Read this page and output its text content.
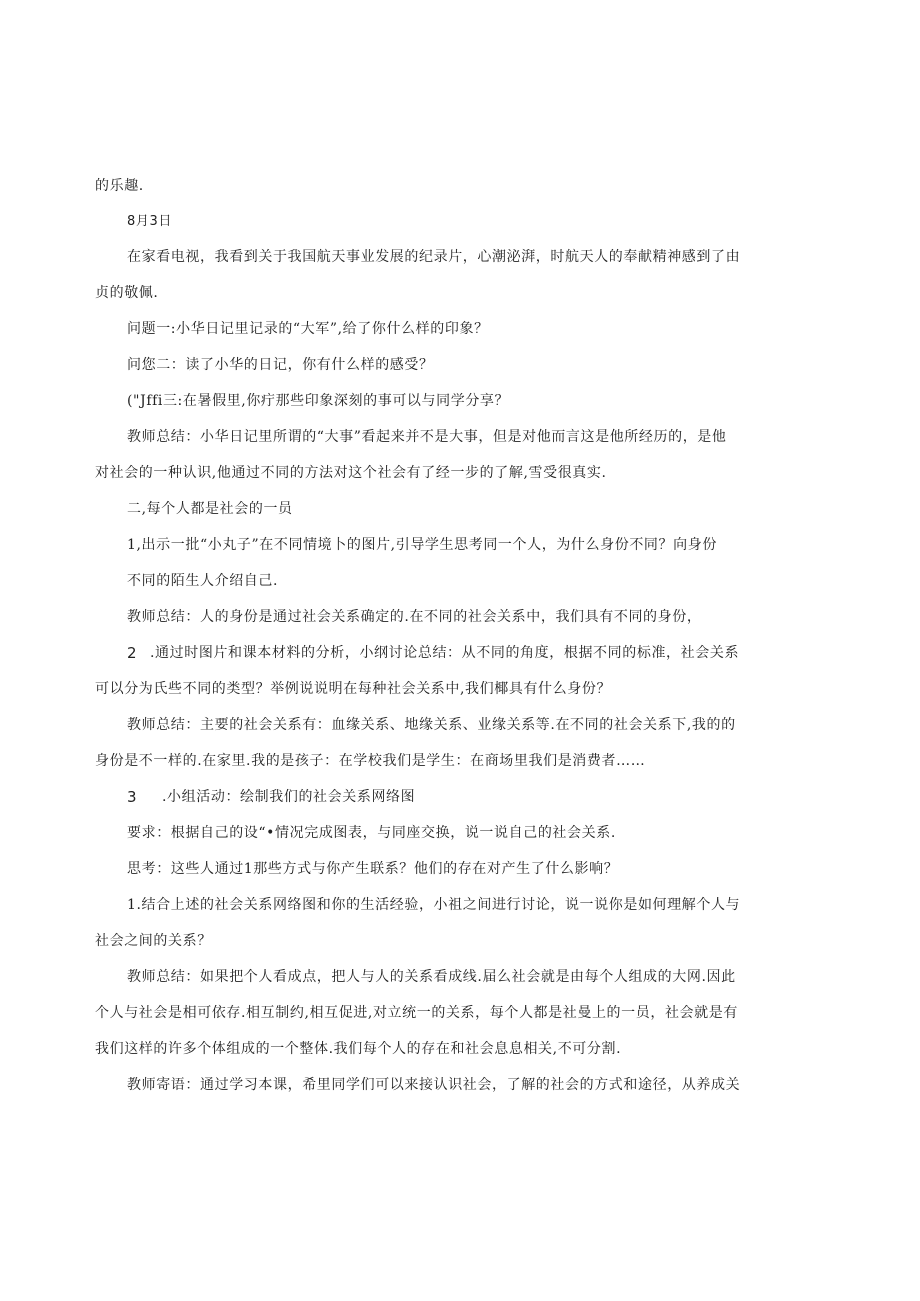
的乐趣.
8月3日
在家看电视，我看到关于我国航天事业发展的纪录片，心潮泌湃，时航天人的奉献精神感到了由
贞的敬佩.
问题一:小华日记里记录的“大军”,给了你什么样的印象？
问您二：读了小华的日记，你有什么样的感受？
("Jffi三:在暑假里,你疔那些印象深刻的事可以与同学分享？
教师总结：小华日记里所谓的“大事”看起来并不是大事，但是对他而言这是他所经历的，是他
对社会的一种认识,他通过不同的方法对这个社会有了经一步的了解,雪受很真实.
二,每个人都是社会的一员
1,出示一批“小丸子”在不同情境卜的图片,引导学生思考同一个人，为什么身份不同？向身份
不同的陌生人介绍自己.
教师总结：人的身份是通过社会关系确定的.在不同的社会关系中，我们具有不同的身份，
2 .通过时图片和课本材料的分析，小纲讨论总结：从不同的角度，根据不同的标准，社会关系
可以分为氏些不同的类型？举例说说明在每种社会关系中,我们椰具有什么身份？
教师总结：主要的社会关系有：血缘关系、地缘关系、业缘关系等.在不同的社会关系下,我的的
身份是不一样的.在家里.我的是孩子：在学校我们是学生：在商场里我们是消费者……
3 .小组活动：绘制我们的社会关系网络图
要求：根据自己的设“•情况完成图表，与同座交换，说一说自己的社会关系.
思考：这些人通过1那些方式与你产生联系？他们的存在对产生了什么影响？
1.结合上述的社会关系网络图和你的生活经验，小祖之间进行讨论，说一说你是如何理解个人与
社会之间的关系？
教师总结：如果把个人看成点，把人与人的关系看成线.届么社会就是由每个人组成的大网.因此
个人与社会是相可依存.相互制约,相互促进,对立统一的关系，每个人都是社曼上的一员，社会就是有
我们这样的许多个体组成的一个整体.我们每个人的存在和社会息息相关,不可分割.
教师寄语：通过学习本课，希里同学们可以来接认识社会，了解的社会的方式和途径，从养成关
